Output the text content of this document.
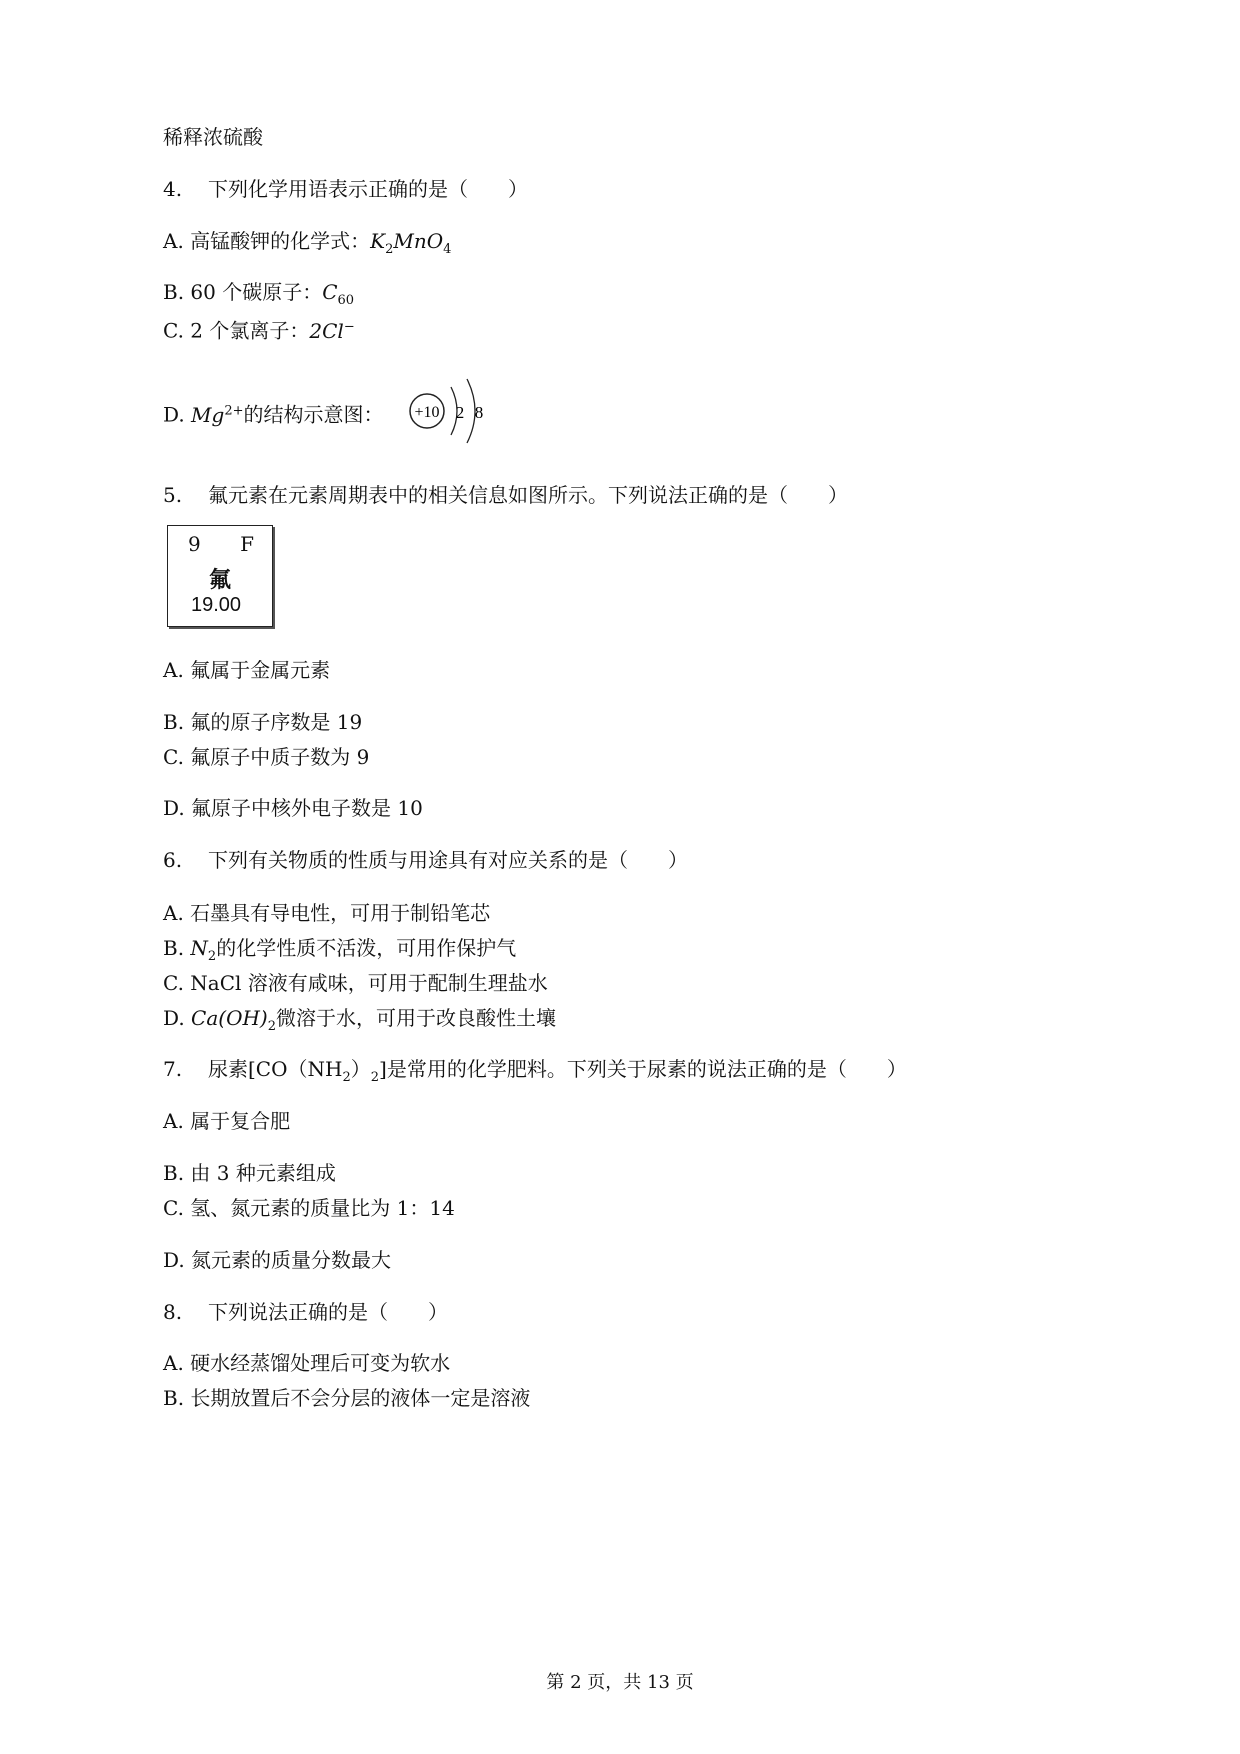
稀释浓硫酸
4. 下列化学用语表示正确的是（　　）
A. 高锰酸钾的化学式：$K_2MnO_4$
B. 60 个碳原子：$C_{60}$
C. 2 个氯离子：2Cl−
D. $Mg^{2+}$的结构示意图： +10 2 8
5. 氟元素在元素周期表中的相关信息如图所示。下列说法正确的是（　　）
9 F
氟
19.00
A. 氟属于金属元素
B. 氟的原子序数是 19
C. 氟原子中质子数为 9
D. 氟原子中核外电子数是 10
6. 下列有关物质的性质与用途具有对应关系的是（　　）
A. 石墨具有导电性，可用于制铅笔芯
B. $N_2$的化学性质不活泼，可用作保护气
C. NaCl 溶液有咸味，可用于配制生理盐水
D. $Ca(OH)_2$微溶于水，可用于改良酸性土壤
7. 尿素$[CO(NH_2)_2]$是常用的化学肥料。下列关于尿素的说法正确的是（　　）
A. 属于复合肥
B. 由 3 种元素组成
C. 氢、氮元素的质量比为 1：14
D. 氮元素的质量分数最大
8. 下列说法正确的是（　　）
A. 硬水经蒸馏处理后可变为软水
B. 长期放置后不会分层的液体一定是溶液
第 2 页，共 13 页
